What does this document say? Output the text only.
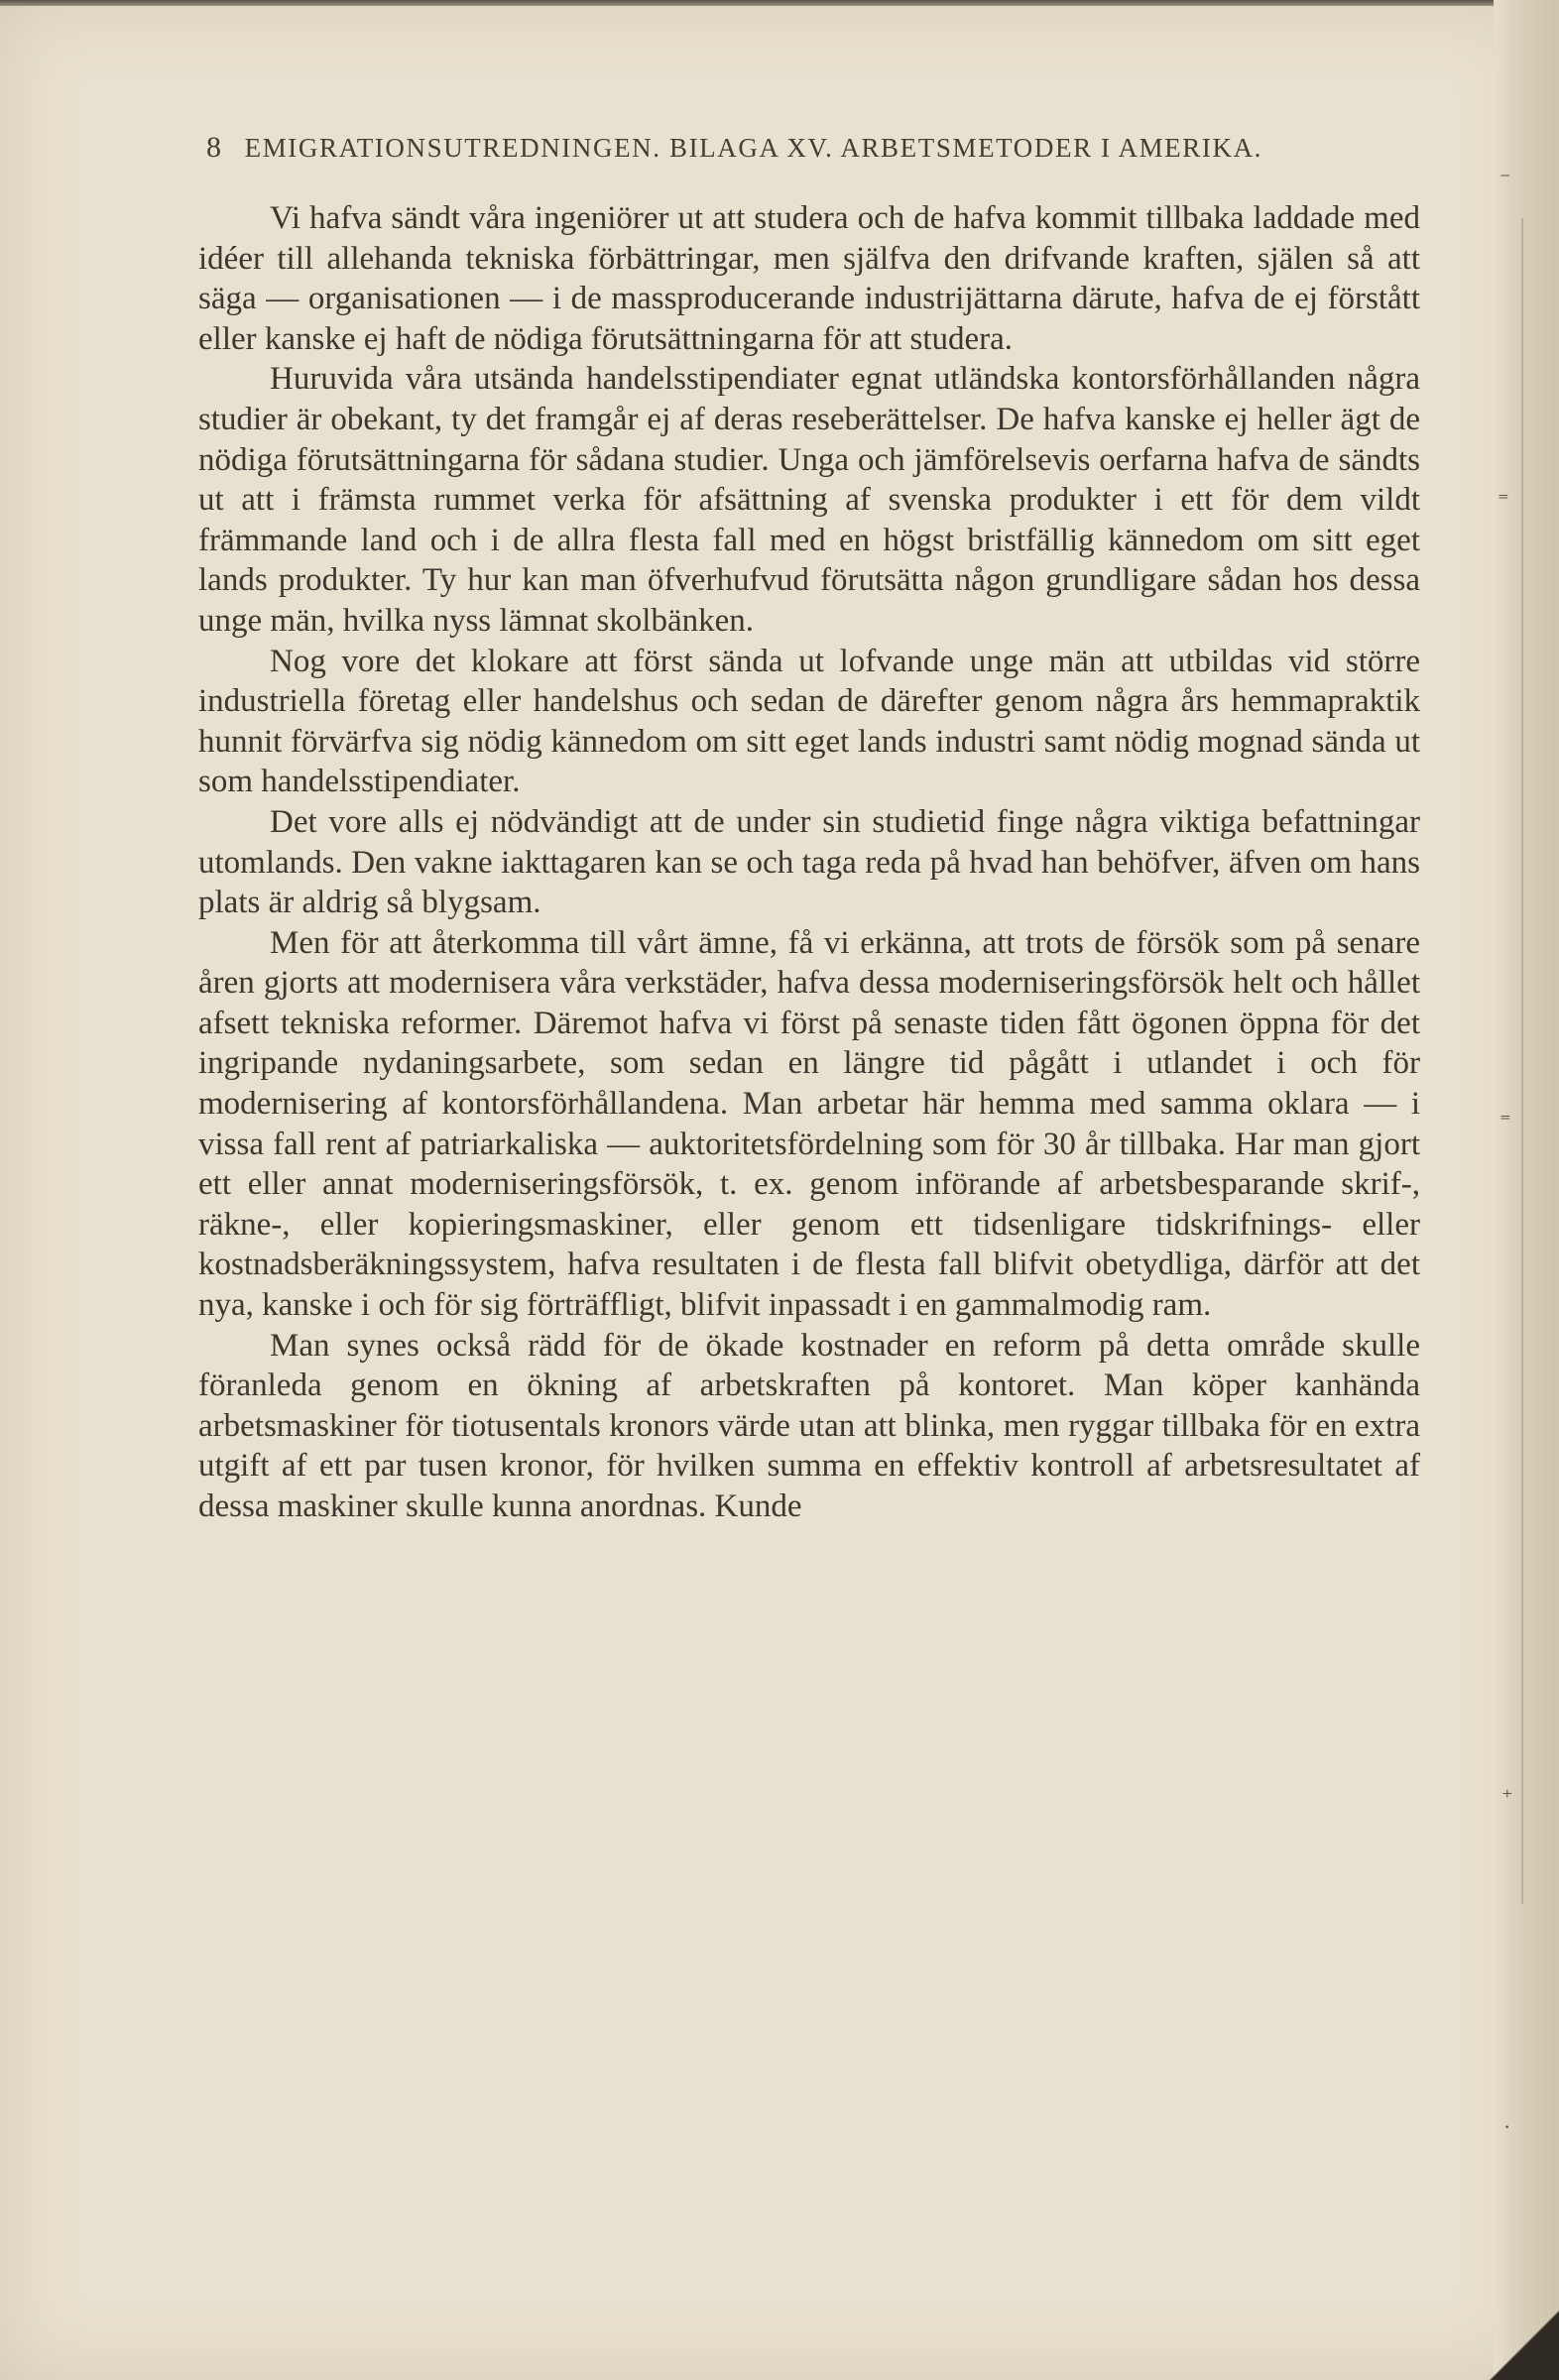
⁻
⁼
⁼
⁺
·
8 EMIGRATIONSUTREDNINGEN. BILAGA XV. ARBETSMETODER I AMERIKA.

Vi hafva sändt våra ingeniörer ut att studera och de hafva kommit tillbaka laddade med idéer till allehanda tekniska förbättringar, men själfva den drifvande kraften, själen så att säga — organisationen — i de massproducerande industrijättarna därute, hafva de ej förstått eller kanske ej haft de nödiga förutsättningarna för att studera.

Huruvida våra utsända handelsstipendiater egnat utländska kontorsförhållanden några studier är obekant, ty det framgår ej af deras reseberättelser. De hafva kanske ej heller ägt de nödiga förutsättningarna för sådana studier. Unga och jämförelsevis oerfarna hafva de sändts ut att i främsta rummet verka för afsättning af svenska produkter i ett för dem vildt främmande land och i de allra flesta fall med en högst bristfällig kännedom om sitt eget lands produkter. Ty hur kan man öfverhufvud förutsätta någon grundligare sådan hos dessa unge män, hvilka nyss lämnat skolbänken.

Nog vore det klokare att först sända ut lofvande unge män att utbildas vid större industriella företag eller handelshus och sedan de därefter genom några års hemmapraktik hunnit förvärfva sig nödig kännedom om sitt eget lands industri samt nödig mognad sända ut som handelsstipendiater.

Det vore alls ej nödvändigt att de under sin studietid finge några viktiga befattningar utomlands. Den vakne iakttagaren kan se och taga reda på hvad han behöfver, äfven om hans plats är aldrig så blygsam.

Men för att återkomma till vårt ämne, få vi erkänna, att trots de försök som på senare åren gjorts att modernisera våra verkstäder, hafva dessa moderniseringsförsök helt och hållet afsett tekniska reformer. Däremot hafva vi först på senaste tiden fått ögonen öppna för det ingripande nydaningsarbete, som sedan en längre tid pågått i utlandet i och för modernisering af kontorsförhållandena. Man arbetar här hemma med samma oklara — i vissa fall rent af patriarkaliska — auktoritetsfördelning som för 30 år tillbaka. Har man gjort ett eller annat moderniseringsförsök, t. ex. genom införande af arbetsbesparande skrif-, räkne-, eller kopieringsmaskiner, eller genom ett tidsenligare tidskrifnings- eller kostnadsberäkningssystem, hafva resultaten i de flesta fall blifvit obetydliga, därför att det nya, kanske i och för sig förträffligt, blifvit inpassadt i en gammalmodig ram.

Man synes också rädd för de ökade kostnader en reform på detta område skulle föranleda genom en ökning af arbetskraften på kontoret. Man köper kanhända arbetsmaskiner för tiotusentals kronors värde utan att blinka, men ryggar tillbaka för en extra utgift af ett par tusen kronor, för hvilken summa en effektiv kontroll af arbetsresultatet af dessa maskiner skulle kunna anordnas. Kunde
